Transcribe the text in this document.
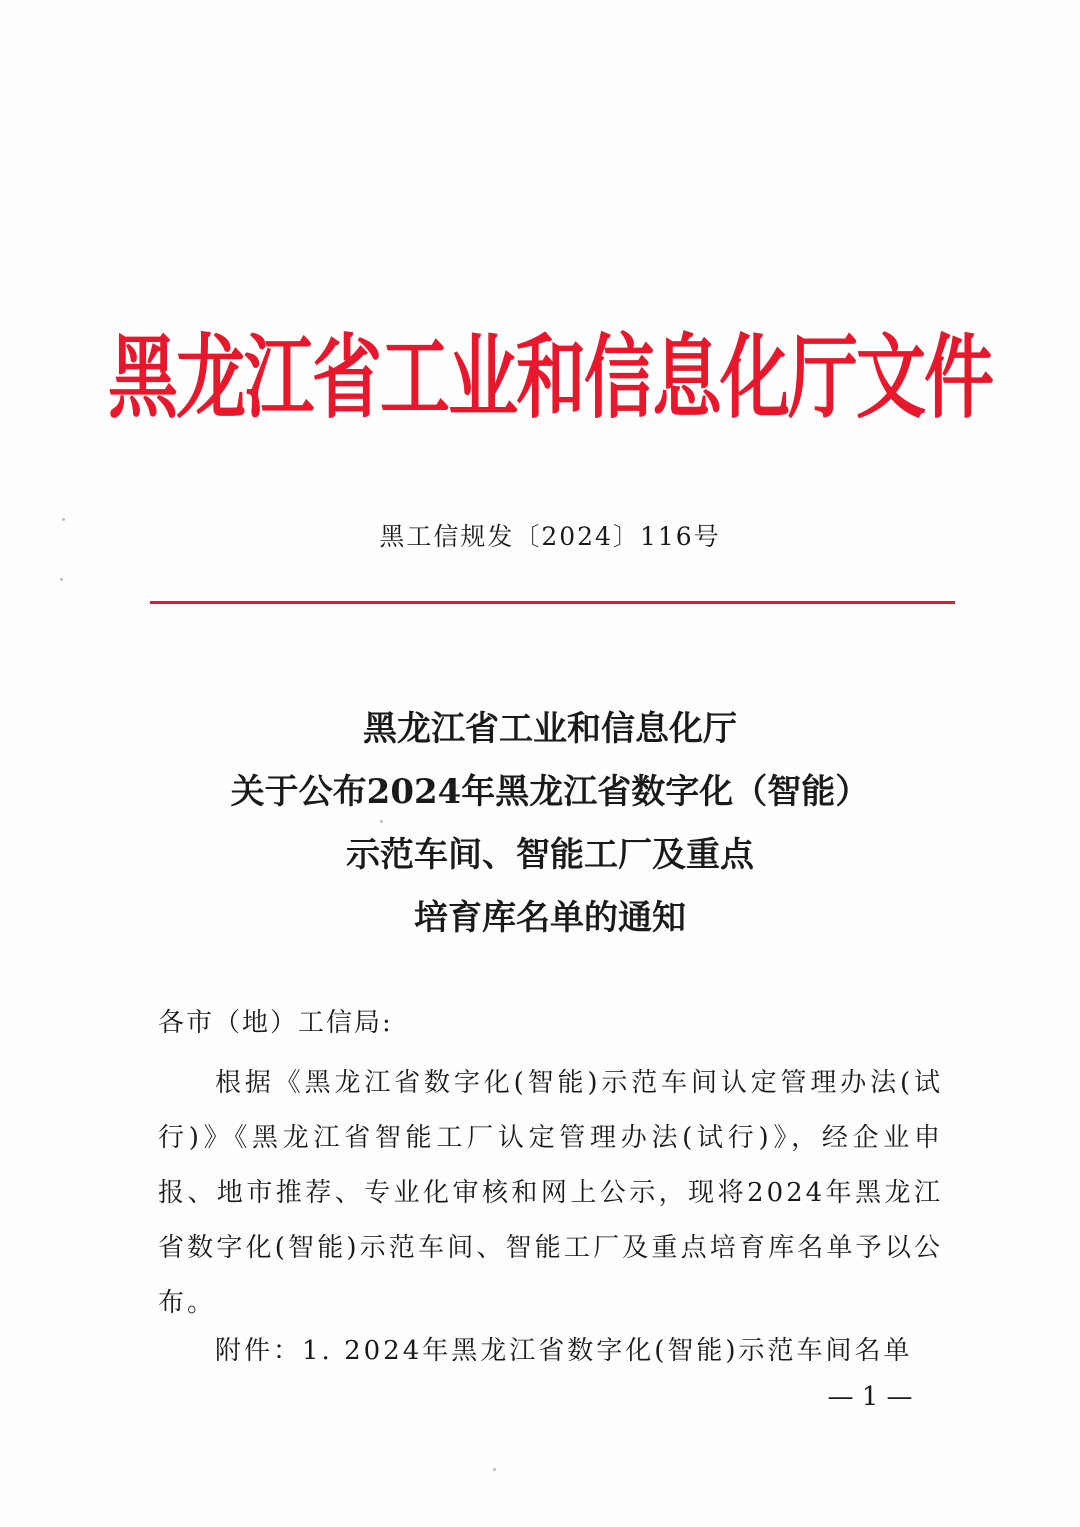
黑龙江省工业和信息化厅文件
黑工信规发〔2024〕116号
黑龙江省工业和信息化厅
关于公布2024年黑龙江省数字化（智能）
示范车间、智能工厂及重点
培育库名单的通知
各市（地）工信局:
根据《黑龙江省数字化(智能)示范车间认定管理办法(试行)》《黑龙江省智能工厂认定管理办法(试行)》，经企业申报、地市推荐、专业化审核和网上公示，现将2024年黑龙江省数字化(智能)示范车间、智能工厂及重点培育库名单予以公布。
附件：1. 2024年黑龙江省数字化(智能)示范车间名单
— 1 —
